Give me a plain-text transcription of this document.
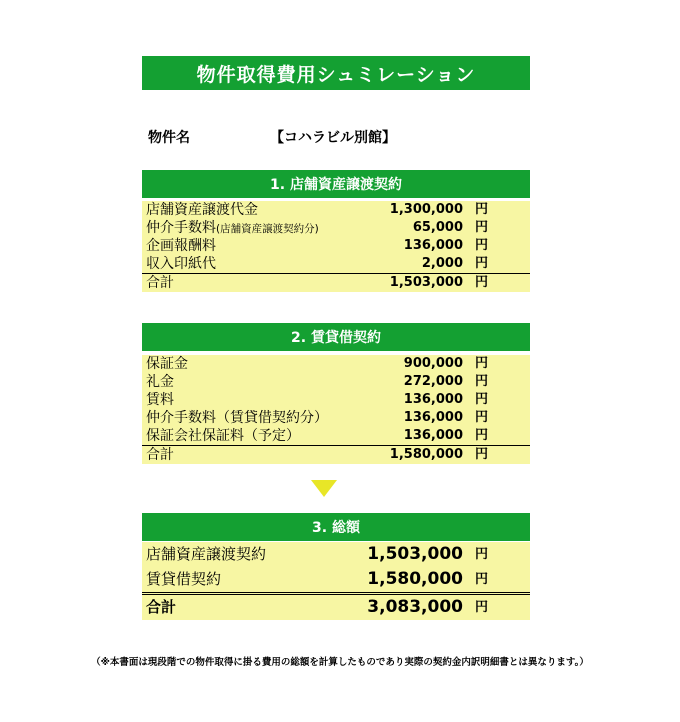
物件取得費用シュミレーション
物件名	【コハラビル別館】
1. 店舗資産譲渡契約
店舗資産譲渡代金	1,300,000 円
仲介手数料(店舗資産譲渡契約分)	65,000 円
企画報酬料	136,000 円
収入印紙代	2,000 円
合計	1,503,000 円
2. 賃貸借契約
保証金	900,000 円
礼金	272,000 円
賃料	136,000 円
仲介手数料（賃貸借契約分）	136,000 円
保証会社保証料（予定）	136,000 円
合計	1,580,000 円
3. 総額
店舗資産譲渡契約	1,503,000 円
賃貸借契約	1,580,000 円
合計	3,083,000 円
（※本書面は現段階での物件取得に掛る費用の総額を計算したものであり実際の契約金内訳明細書とは異なります。）
